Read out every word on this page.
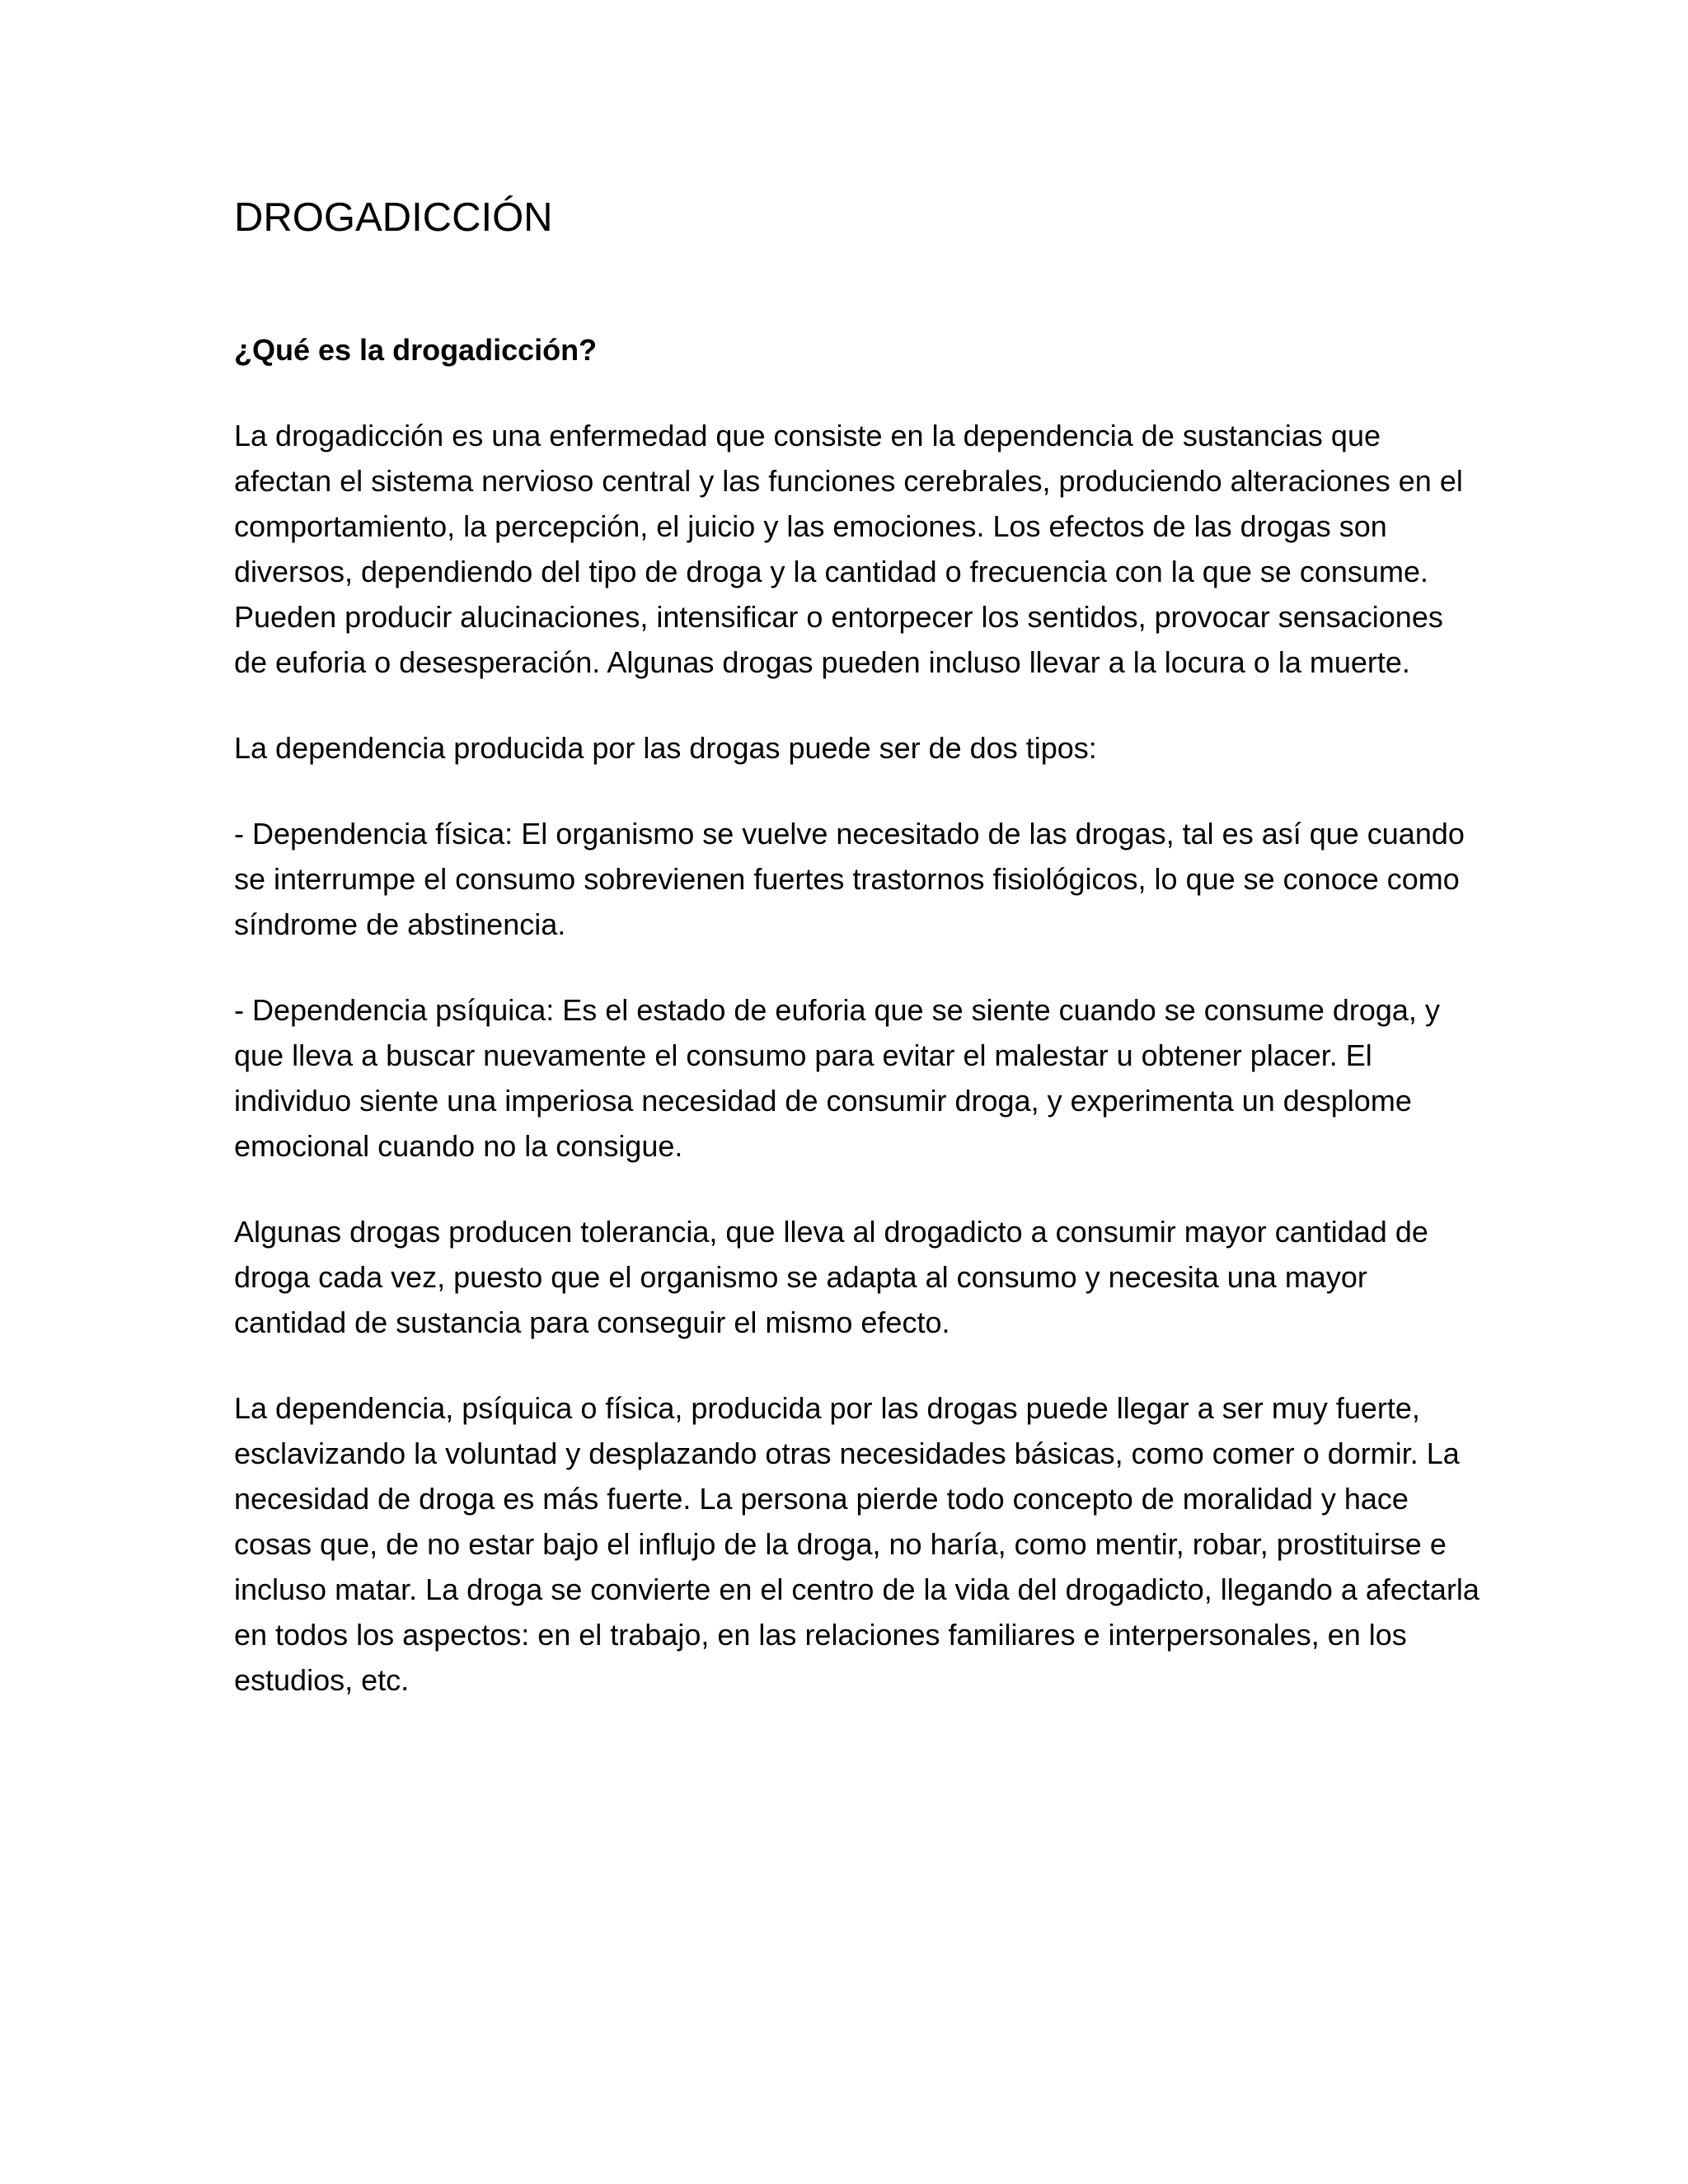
DROGADICCIÓN

¿Qué es la drogadicción?

La drogadicción es una enfermedad que consiste en la dependencia de sustancias que
afectan el sistema nervioso central y las funciones cerebrales, produciendo alteraciones en el
comportamiento, la percepción, el juicio y las emociones. Los efectos de las drogas son
diversos, dependiendo del tipo de droga y la cantidad o frecuencia con la que se consume.
Pueden producir alucinaciones, intensificar o entorpecer los sentidos, provocar sensaciones
de euforia o desesperación. Algunas drogas pueden incluso llevar a la locura o la muerte.

La dependencia producida por las drogas puede ser de dos tipos:

- Dependencia física: El organismo se vuelve necesitado de las drogas, tal es así que cuando
se interrumpe el consumo sobrevienen fuertes trastornos fisiológicos, lo que se conoce como
síndrome de abstinencia.

- Dependencia psíquica: Es el estado de euforia que se siente cuando se consume droga, y
que lleva a buscar nuevamente el consumo para evitar el malestar u obtener placer. El
individuo siente una imperiosa necesidad de consumir droga, y experimenta un desplome
emocional cuando no la consigue.

Algunas drogas producen tolerancia, que lleva al drogadicto a consumir mayor cantidad de
droga cada vez, puesto que el organismo se adapta al consumo y necesita una mayor
cantidad de sustancia para conseguir el mismo efecto.

La dependencia, psíquica o física, producida por las drogas puede llegar a ser muy fuerte,
esclavizando la voluntad y desplazando otras necesidades básicas, como comer o dormir. La
necesidad de droga es más fuerte. La persona pierde todo concepto de moralidad y hace
cosas que, de no estar bajo el influjo de la droga, no haría, como mentir, robar, prostituirse e
incluso matar. La droga se convierte en el centro de la vida del drogadicto, llegando a afectarla
en todos los aspectos: en el trabajo, en las relaciones familiares e interpersonales, en los
estudios, etc.
